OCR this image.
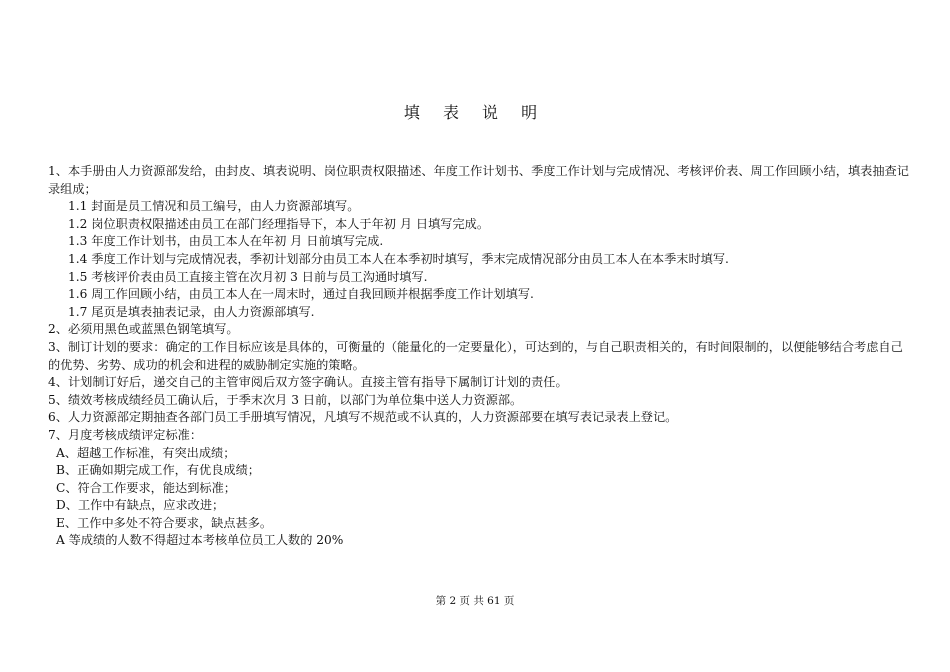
填 表 说 明

1、本手册由人力资源部发给，由封皮、填表说明、岗位职责权限描述、年度工作计划书、季度工作计划与完成情况、考核评价表、周工作回顾小结，填表抽查记录组成；

1.1 封面是员工情况和员工编号，由人力资源部填写。

1.2 岗位职责权限描述由员工在部门经理指导下，本人于年初 月 日填写完成。

1.3 年度工作计划书，由员工本人在年初 月 日前填写完成.

1.4 季度工作计划与完成情况表，季初计划部分由员工本人在本季初时填写，季末完成情况部分由员工本人在本季末时填写.

1.5 考核评价表由员工直接主管在次月初 3 日前与员工沟通时填写.

1.6 周工作回顾小结，由员工本人在一周末时，通过自我回顾并根据季度工作计划填写.

1.7 尾页是填表抽表记录，由人力资源部填写.

2、必须用黑色或蓝黑色钢笔填写。

3、制订计划的要求：确定的工作目标应该是具体的，可衡量的（能量化的一定要量化），可达到的，与自己职责相关的，有时间限制的，以便能够结合考虑自己的优势、劣势、成功的机会和进程的威胁制定实施的策略。

4、计划制订好后，递交自己的主管审阅后双方签字确认。直接主管有指导下属制订计划的责任。

5、绩效考核成绩经员工确认后，于季末次月 3 日前，以部门为单位集中送人力资源部。

6、人力资源部定期抽查各部门员工手册填写情况，凡填写不规范或不认真的，人力资源部要在填写表记录表上登记。

7、月度考核成绩评定标准：

A、超越工作标准，有突出成绩；

B、正确如期完成工作，有优良成绩；

C、符合工作要求，能达到标准；

D、工作中有缺点，应求改进；

E、工作中多处不符合要求，缺点甚多。

A 等成绩的人数不得超过本考核单位员工人数的 20%

第 2 页 共 61 页
